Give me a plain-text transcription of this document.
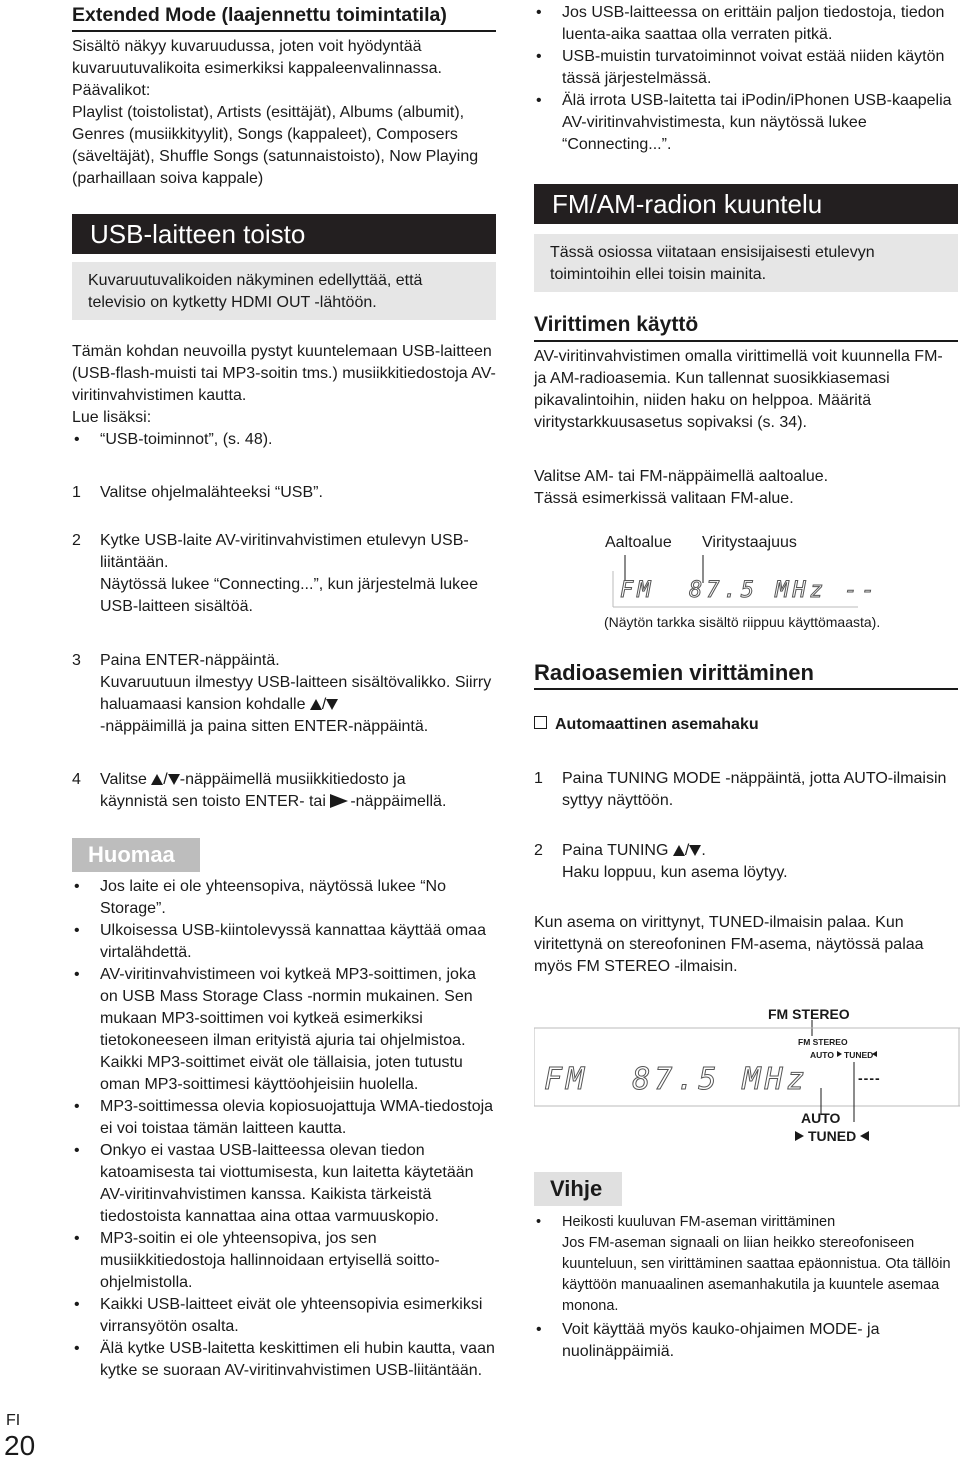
Extended Mode (laajennettu toimintatila)

Sisältö näkyy kuvaruudussa, joten voit hyödyntää kuvaruutuvalikoita esimerkiksi kappaleenvalinnassa.

Päävalikot:

Playlist (toistolistat), Artists (esittäjät), Albums (albumit), Genres (musiikkityylit), Songs (kappaleet), Composers (säveltäjät), Shuffle Songs (satunnaistoisto), Now Playing (parhaillaan soiva kappale)

USB-laitteen toisto
Kuvaruutuvalikoiden näkyminen edellyttää, että televisio on kytketty HDMI OUT -lähtöön.

Tämän kohdan neuvoilla pystyt kuuntelemaan USB-laitteen (USB-flash-muisti tai MP3-soitin tms.) musiikkitiedostoja AV-viritinvahvistimen kautta.

Lue lisäksi:

• “USB-toiminnot”, (s. 48).

1 Valitse ohjelmalähteeksi “USB”.
2 Kytke USB-laite AV-viritinvahvistimen etulevyn USB-liitäntään.
Näytössä lukee “Connecting...”, kun järjestelmä lukee USB-laitteen sisältöä.
3 Paina ENTER-näppäintä.
Kuvaruutuun ilmestyy USB-laitteen sisältövalikko. Siirry haluamaasi kansion kohdalle /
-näppäimillä ja paina sitten ENTER-näppäintä.
4 Valitse / -näppäimellä musiikkitiedosto ja
käynnistä sen toisto ENTER- tai -näppäimellä.
Huomaa

• Jos laite ei ole yhteensopiva, näytössä lukee “No Storage”.

• Ulkoisessa USB-kiintolevyssä kannattaa käyttää omaa virtalähdettä.

• AV-viritinvahvistimeen voi kytkeä MP3-soittimen, joka on USB Mass Storage Class -normin mukainen. Sen mukaan MP3-soittimen voi kytkeä esimerkiksi tietokoneeseen ilman erityistä ajuria tai ohjelmistoa. Kaikki MP3-soittimet eivät ole tällaisia, joten tutustu oman MP3-soittimesi käyttöohjeisiin huolella.

• MP3-soittimessa olevia kopiosuojattuja WMA-tiedostoja ei voi toistaa tämän laitteen kautta.

• Onkyo ei vastaa USB-laitteessa olevan tiedon katoamisesta tai viottumisesta, kun laitetta käytetään AV-viritinvahvistimen kanssa. Kaikista tärkeistä tiedostoista kannattaa aina ottaa varmuuskopio.

• MP3-soitin ei ole yhteensopiva, jos sen musiikkitiedostoja hallinnoidaan ertyisellä soitto-ohjelmistolla.

• Kaikki USB-laitteet eivät ole yhteensopivia esimerkiksi virransyötön osalta.

• Älä kytke USB-laitetta keskittimen eli hubin kautta, vaan kytke se suoraan AV-viritinvahvistimen USB-liitäntään.

• Jos USB-laitteessa on erittäin paljon tiedostoja, tiedon luenta-aika saattaa olla verraten pitkä.

• USB-muistin turvatoiminnot voivat estää niiden käytön tässä järjestelmässä.

• Älä irrota USB-laitetta tai iPodin/iPhonen USB-kaapelia AV-viritinvahvistimesta, kun näytössä lukee “Connecting...”.

FM/AM-radion kuuntelu
Tässä osiossa viitataan ensisijaisesti etulevyn toimintoihin ellei toisin mainita.
Virittimen käyttö

AV-viritinvahvistimen omalla virittimellä voit kuunnella FM- ja AM-radioasemia. Kun tallennat suosikkiasemasi pikavalintoihin, niiden haku on helppoa. Määritä viritystarkkuusasetus sopivaksi (s. 34).

Valitse AM- tai FM-näppäimellä aaltoalue.

Tässä esimerkissä valitaan FM-alue.

Aaltoalue Viritystaajuus
FM  87.5 MHz --
(Näytön tarkka sisältö riippuu käyttömaasta).
Radioasemien virittäminen
Automaattinen asemahaku
1 Paina TUNING MODE -näppäintä, jotta AUTO-ilmaisin syttyy näyttöön.
2 Paina TUNING / .
Haku loppuu, kun asema löytyy.

Kun asema on virittynyt, TUNED-ilmaisin palaa. Kun viritettynä on stereofoninen FM-asema, näytössä palaa myös FM STEREO -ilmaisin.

FM STEREO
FM STEREO
AUTO TUNED
FM  87.5 MHz	----
AUTO
TUNED
Vihje
• Heikosti kuuluvan FM-aseman virittäminen
Jos FM-aseman signaali on liian heikko stereofoniseen kuunteluun, sen virittäminen saattaa epäonnistua. Ota tällöin käyttöön manuaalinen asemanhakutila ja kuuntele asemaa monona.
• Voit käyttää myös kauko-ohjaimen MODE- ja nuolinäppäimiä.
FI
20
